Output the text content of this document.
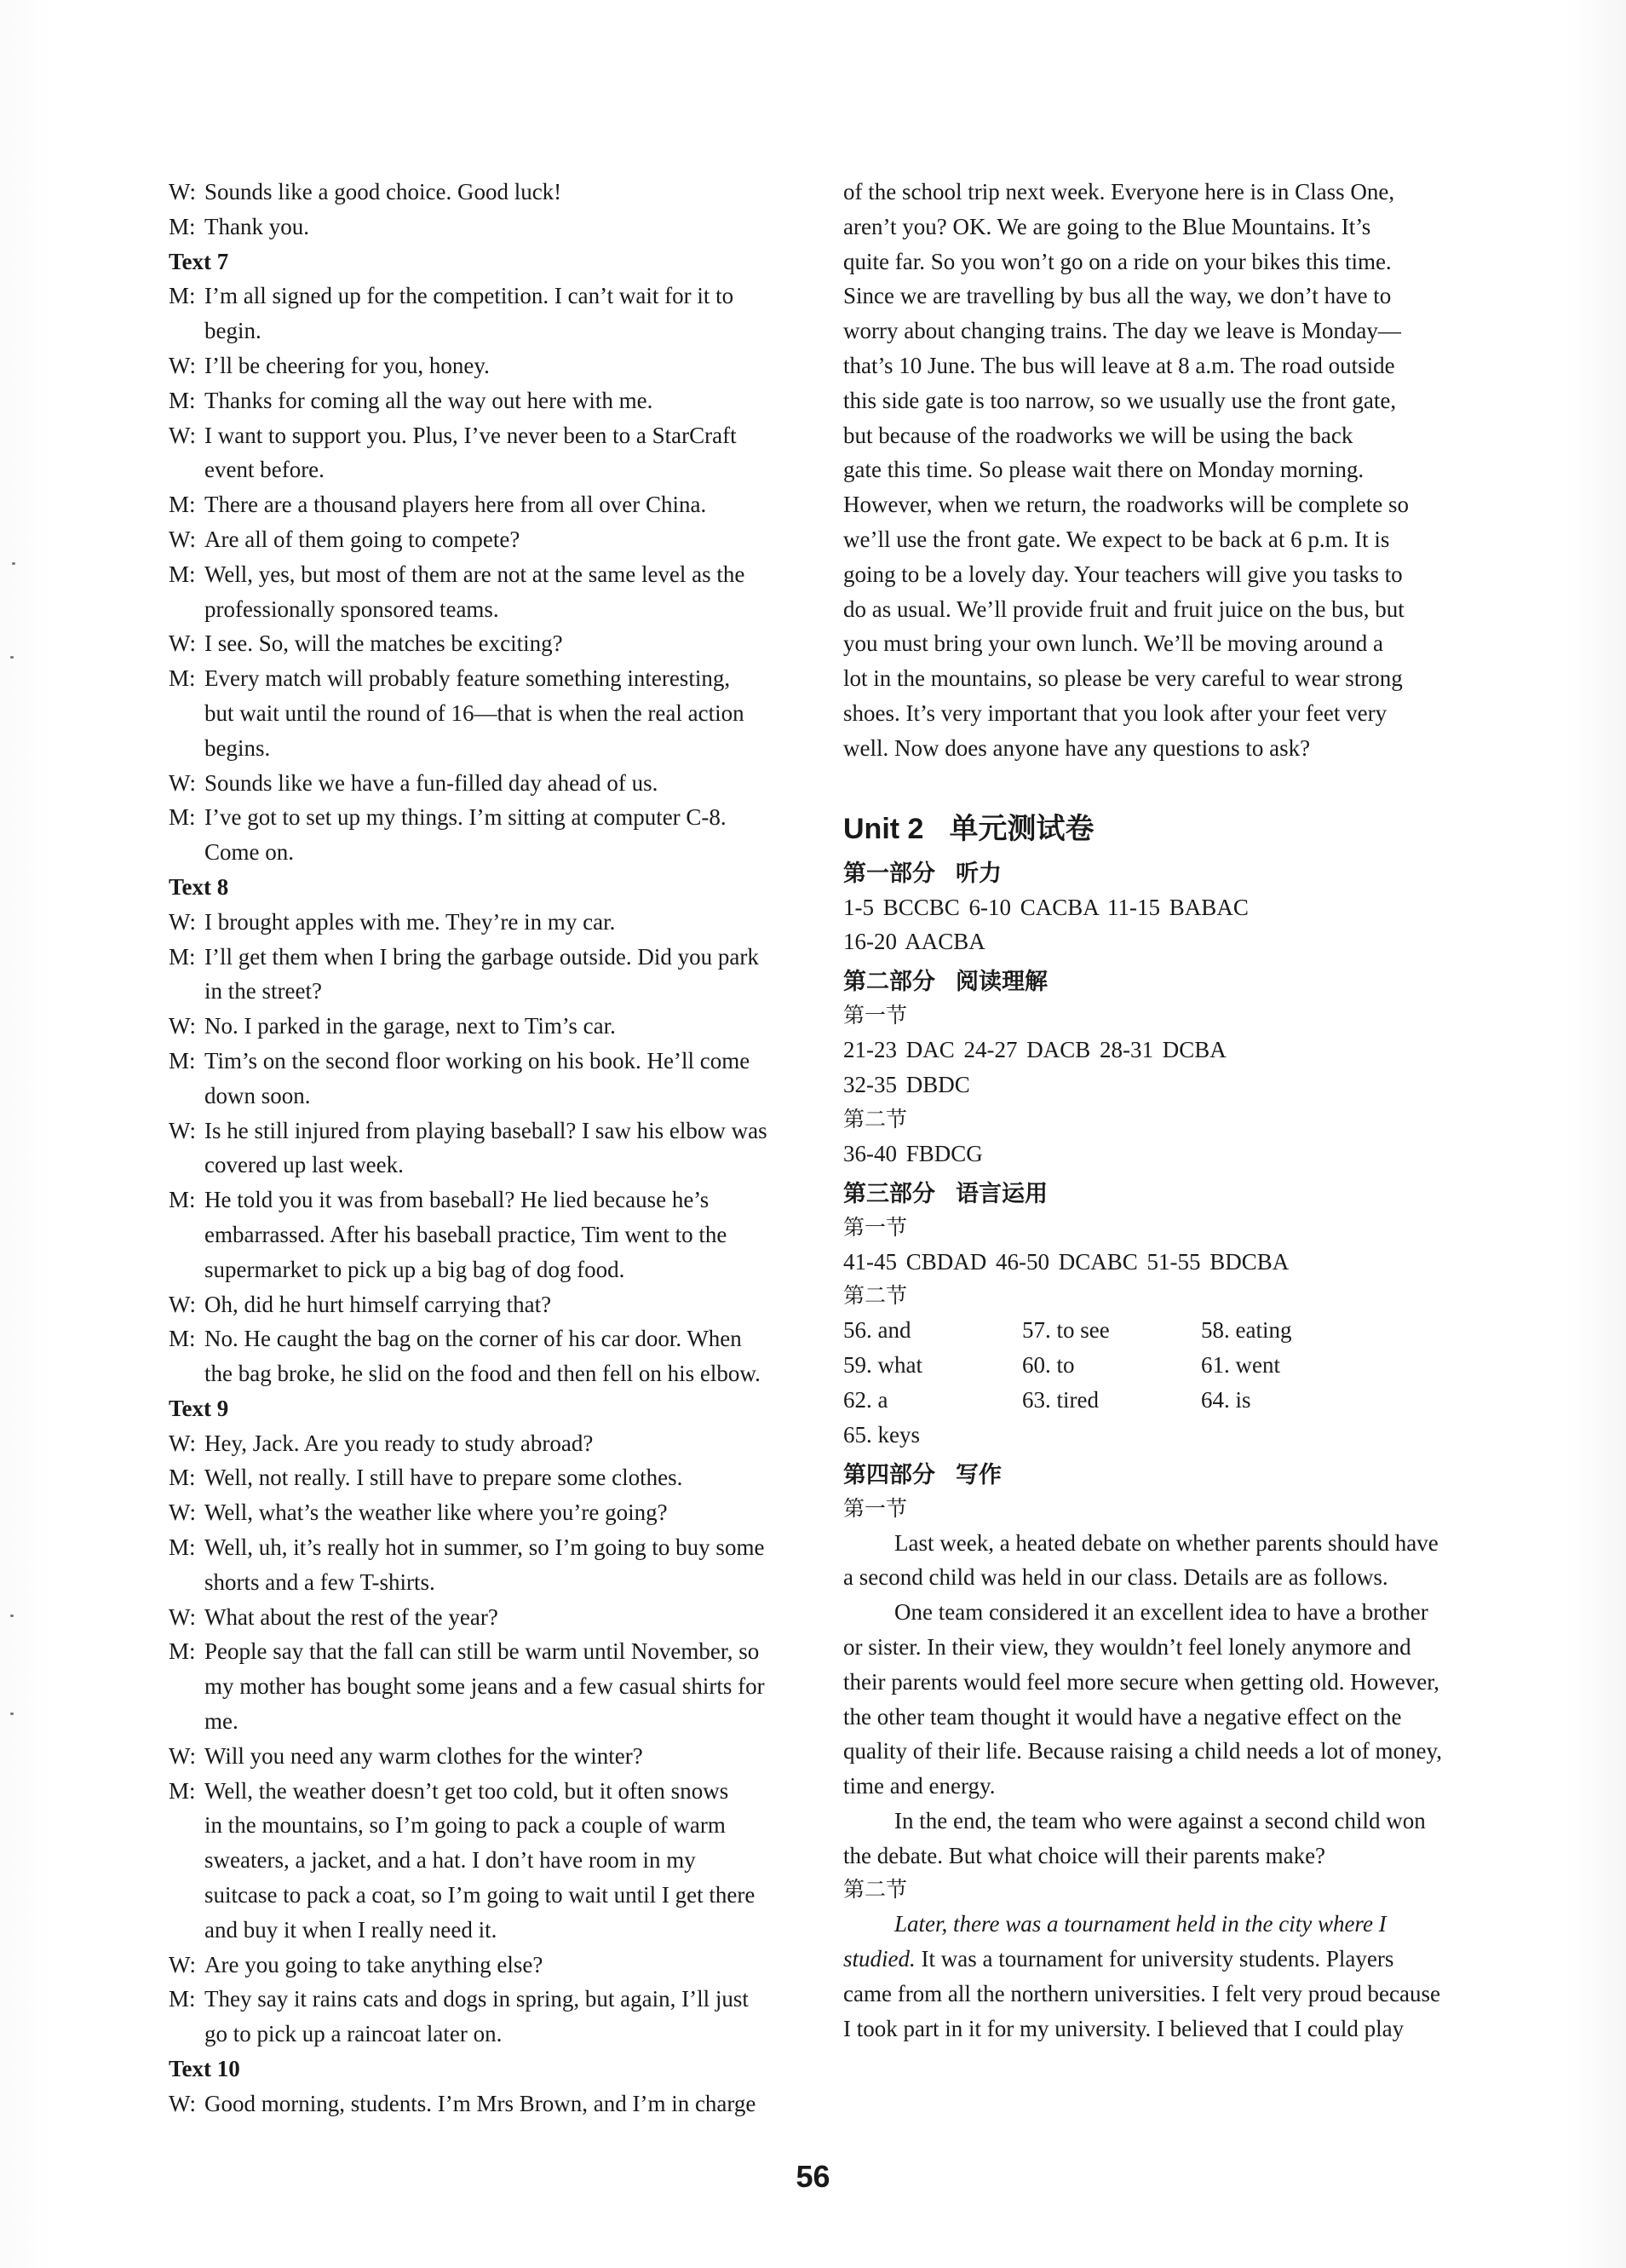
W: Sounds like a good choice. Good luck!
M: Thank you.
Text 7
M: I’m all signed up for the competition. I can’t wait for it to
begin.
W: I’ll be cheering for you, honey.
M: Thanks for coming all the way out here with me.
W: I want to support you. Plus, I’ve never been to a StarCraft
event before.
M: There are a thousand players here from all over China.
W: Are all of them going to compete?
M: Well, yes, but most of them are not at the same level as the
professionally sponsored teams.
W: I see. So, will the matches be exciting?
M: Every match will probably feature something interesting,
but wait until the round of 16—that is when the real action
begins.
W: Sounds like we have a fun-filled day ahead of us.
M: I’ve got to set up my things. I’m sitting at computer C-8.
Come on.
Text 8
W: I brought apples with me. They’re in my car.
M: I’ll get them when I bring the garbage outside. Did you park
in the street?
W: No. I parked in the garage, next to Tim’s car.
M: Tim’s on the second floor working on his book. He’ll come
down soon.
W: Is he still injured from playing baseball? I saw his elbow was
covered up last week.
M: He told you it was from baseball? He lied because he’s
embarrassed. After his baseball practice, Tim went to the
supermarket to pick up a big bag of dog food.
W: Oh, did he hurt himself carrying that?
M: No. He caught the bag on the corner of his car door. When
the bag broke, he slid on the food and then fell on his elbow.
Text 9
W: Hey, Jack. Are you ready to study abroad?
M: Well, not really. I still have to prepare some clothes.
W: Well, what’s the weather like where you’re going?
M: Well, uh, it’s really hot in summer, so I’m going to buy some
shorts and a few T-shirts.
W: What about the rest of the year?
M: People say that the fall can still be warm until November, so
my mother has bought some jeans and a few casual shirts for
me.
W: Will you need any warm clothes for the winter?
M: Well, the weather doesn’t get too cold, but it often snows
in the mountains, so I’m going to pack a couple of warm
sweaters, a jacket, and a hat. I don’t have room in my
suitcase to pack a coat, so I’m going to wait until I get there
and buy it when I really need it.
W: Are you going to take anything else?
M: They say it rains cats and dogs in spring, but again, I’ll just
go to pick up a raincoat later on.
Text 10
W: Good morning, students. I’m Mrs Brown, and I’m in charge
of the school trip next week. Everyone here is in Class One,
aren’t you? OK. We are going to the Blue Mountains. It’s
quite far. So you won’t go on a ride on your bikes this time.
Since we are travelling by bus all the way, we don’t have to
worry about changing trains. The day we leave is Monday—
that’s 10 June. The bus will leave at 8 a.m. The road outside
this side gate is too narrow, so we usually use the front gate,
but because of the roadworks we will be using the back
gate this time. So please wait there on Monday morning.
However, when we return, the roadworks will be complete so
we’ll use the front gate. We expect to be back at 6 p.m. It is
going to be a lovely day. Your teachers will give you tasks to
do as usual. We’ll provide fruit and fruit juice on the bus, but
you must bring your own lunch. We’ll be moving around a
lot in the mountains, so please be very careful to wear strong
shoes. It’s very important that you look after your feet very
well. Now does anyone have any questions to ask?
Unit 2 单元测试卷
第一部分 听力
1-5 BCCBC 6-10 CACBA 11-15 BABAC
16-20 AACBA
第二部分 阅读理解
第一节
21-23 DAC 24-27 DACB 28-31 DCBA
32-35 DBDC
第二节
36-40 FBDCG
第三部分 语言运用
第一节
41-45 CBDAD 46-50 DCABC 51-55 BDCBA
第二节
56. and	57. to see	58. eating
59. what	60. to	61. went
62. a	63. tired	64. is
65. keys
第四部分 写作
第一节
Last week, a heated debate on whether parents should have
a second child was held in our class. Details are as follows.
One team considered it an excellent idea to have a brother
or sister. In their view, they wouldn’t feel lonely anymore and
their parents would feel more secure when getting old. However,
the other team thought it would have a negative effect on the
quality of their life. Because raising a child needs a lot of money,
time and energy.
In the end, the team who were against a second child won
the debate. But what choice will their parents make?
第二节
Later, there was a tournament held in the city where I
studied. It was a tournament for university students. Players
came from all the northern universities. I felt very proud because
I took part in it for my university. I believed that I could play
56
